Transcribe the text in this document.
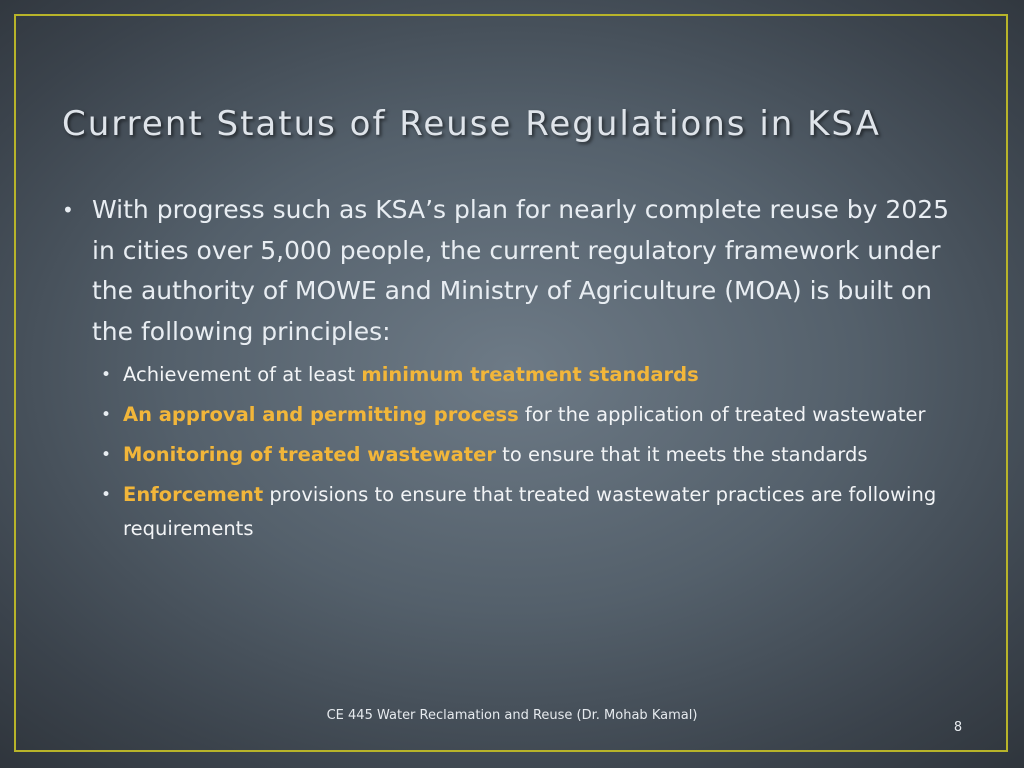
Current Status of Reuse Regulations in KSA
• With progress such as KSA’s plan for nearly complete reuse by 2025 in cities over 5,000 people, the current regulatory framework under the authority of MOWE and Ministry of Agriculture (MOA) is built on the following principles:
• Achievement of at least minimum treatment standards
• An approval and permitting process for the application of treated wastewater
• Monitoring of treated wastewater to ensure that it meets the standards
• Enforcement provisions to ensure that treated wastewater practices are following requirements
CE 445 Water Reclamation and Reuse (Dr. Mohab Kamal)
8
